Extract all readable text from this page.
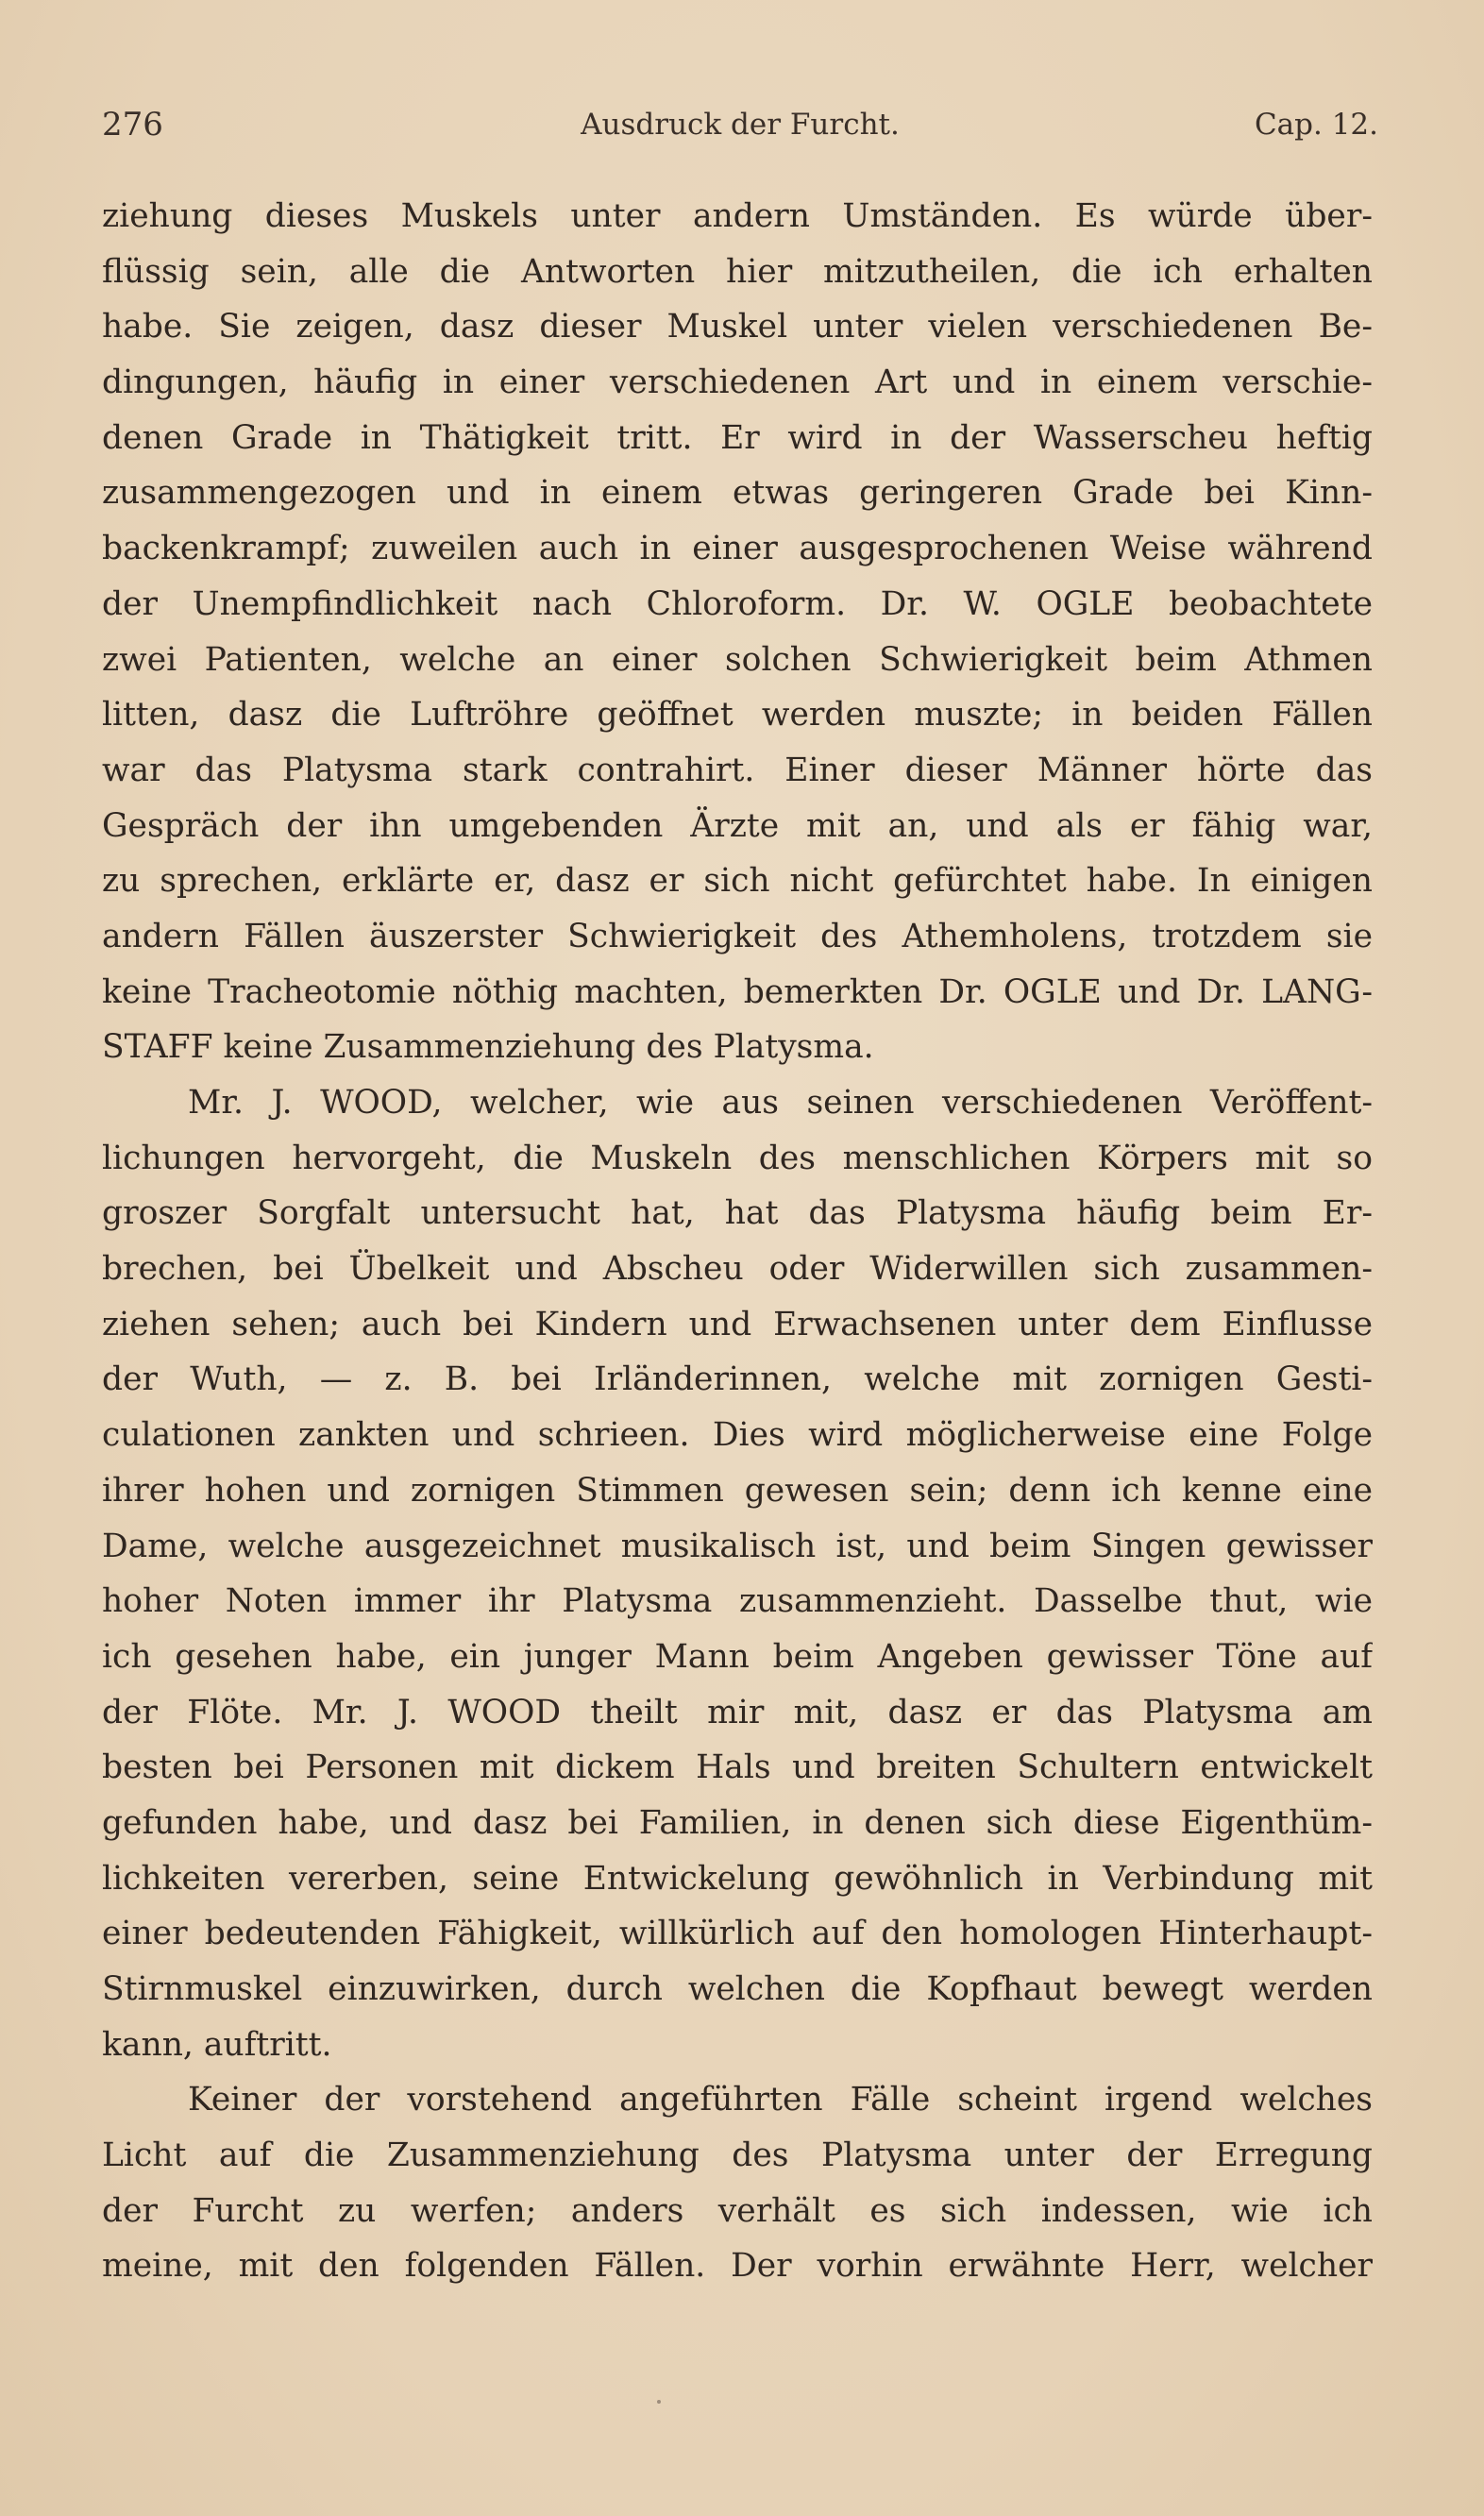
276	Ausdruck der Furcht.	Cap. 12.
ziehung dieses Muskels unter andern Umständen. Es würde über-
flüssig sein, alle die Antworten hier mitzutheilen, die ich erhalten
habe. Sie zeigen, dasz dieser Muskel unter vielen verschiedenen Be-
dingungen, häufig in einer verschiedenen Art und in einem verschie-
denen Grade in Thätigkeit tritt. Er wird in der Wasserscheu heftig
zusammengezogen und in einem etwas geringeren Grade bei Kinn-
backenkrampf; zuweilen auch in einer ausgesprochenen Weise während
der Unempfindlichkeit nach Chloroform. Dr. W. OGLE beobachtete
zwei Patienten, welche an einer solchen Schwierigkeit beim Athmen
litten, dasz die Luftröhre geöffnet werden muszte; in beiden Fällen
war das Platysma stark contrahirt. Einer dieser Männer hörte das
Gespräch der ihn umgebenden Ärzte mit an, und als er fähig war,
zu sprechen, erklärte er, dasz er sich nicht gefürchtet habe. In einigen
andern Fällen äuszerster Schwierigkeit des Athemholens, trotzdem sie
keine Tracheotomie nöthig machten, bemerkten Dr. OGLE und Dr. LANG-
STAFF keine Zusammenziehung des Platysma.
Mr. J. WOOD, welcher, wie aus seinen verschiedenen Veröffent-
lichungen hervorgeht, die Muskeln des menschlichen Körpers mit so
groszer Sorgfalt untersucht hat, hat das Platysma häufig beim Er-
brechen, bei Übelkeit und Abscheu oder Widerwillen sich zusammen-
ziehen sehen; auch bei Kindern und Erwachsenen unter dem Einflusse
der Wuth, — z. B. bei Irländerinnen, welche mit zornigen Gesti-
culationen zankten und schrieen. Dies wird möglicherweise eine Folge
ihrer hohen und zornigen Stimmen gewesen sein; denn ich kenne eine
Dame, welche ausgezeichnet musikalisch ist, und beim Singen gewisser
hoher Noten immer ihr Platysma zusammenzieht. Dasselbe thut, wie
ich gesehen habe, ein junger Mann beim Angeben gewisser Töne auf
der Flöte. Mr. J. WOOD theilt mir mit, dasz er das Platysma am
besten bei Personen mit dickem Hals und breiten Schultern entwickelt
gefunden habe, und dasz bei Familien, in denen sich diese Eigenthüm-
lichkeiten vererben, seine Entwickelung gewöhnlich in Verbindung mit
einer bedeutenden Fähigkeit, willkürlich auf den homologen Hinterhaupt-
Stirnmuskel einzuwirken, durch welchen die Kopfhaut bewegt werden
kann, auftritt.
Keiner der vorstehend angeführten Fälle scheint irgend welches
Licht auf die Zusammenziehung des Platysma unter der Erregung
der Furcht zu werfen; anders verhält es sich indessen, wie ich
meine, mit den folgenden Fällen. Der vorhin erwähnte Herr, welcher
